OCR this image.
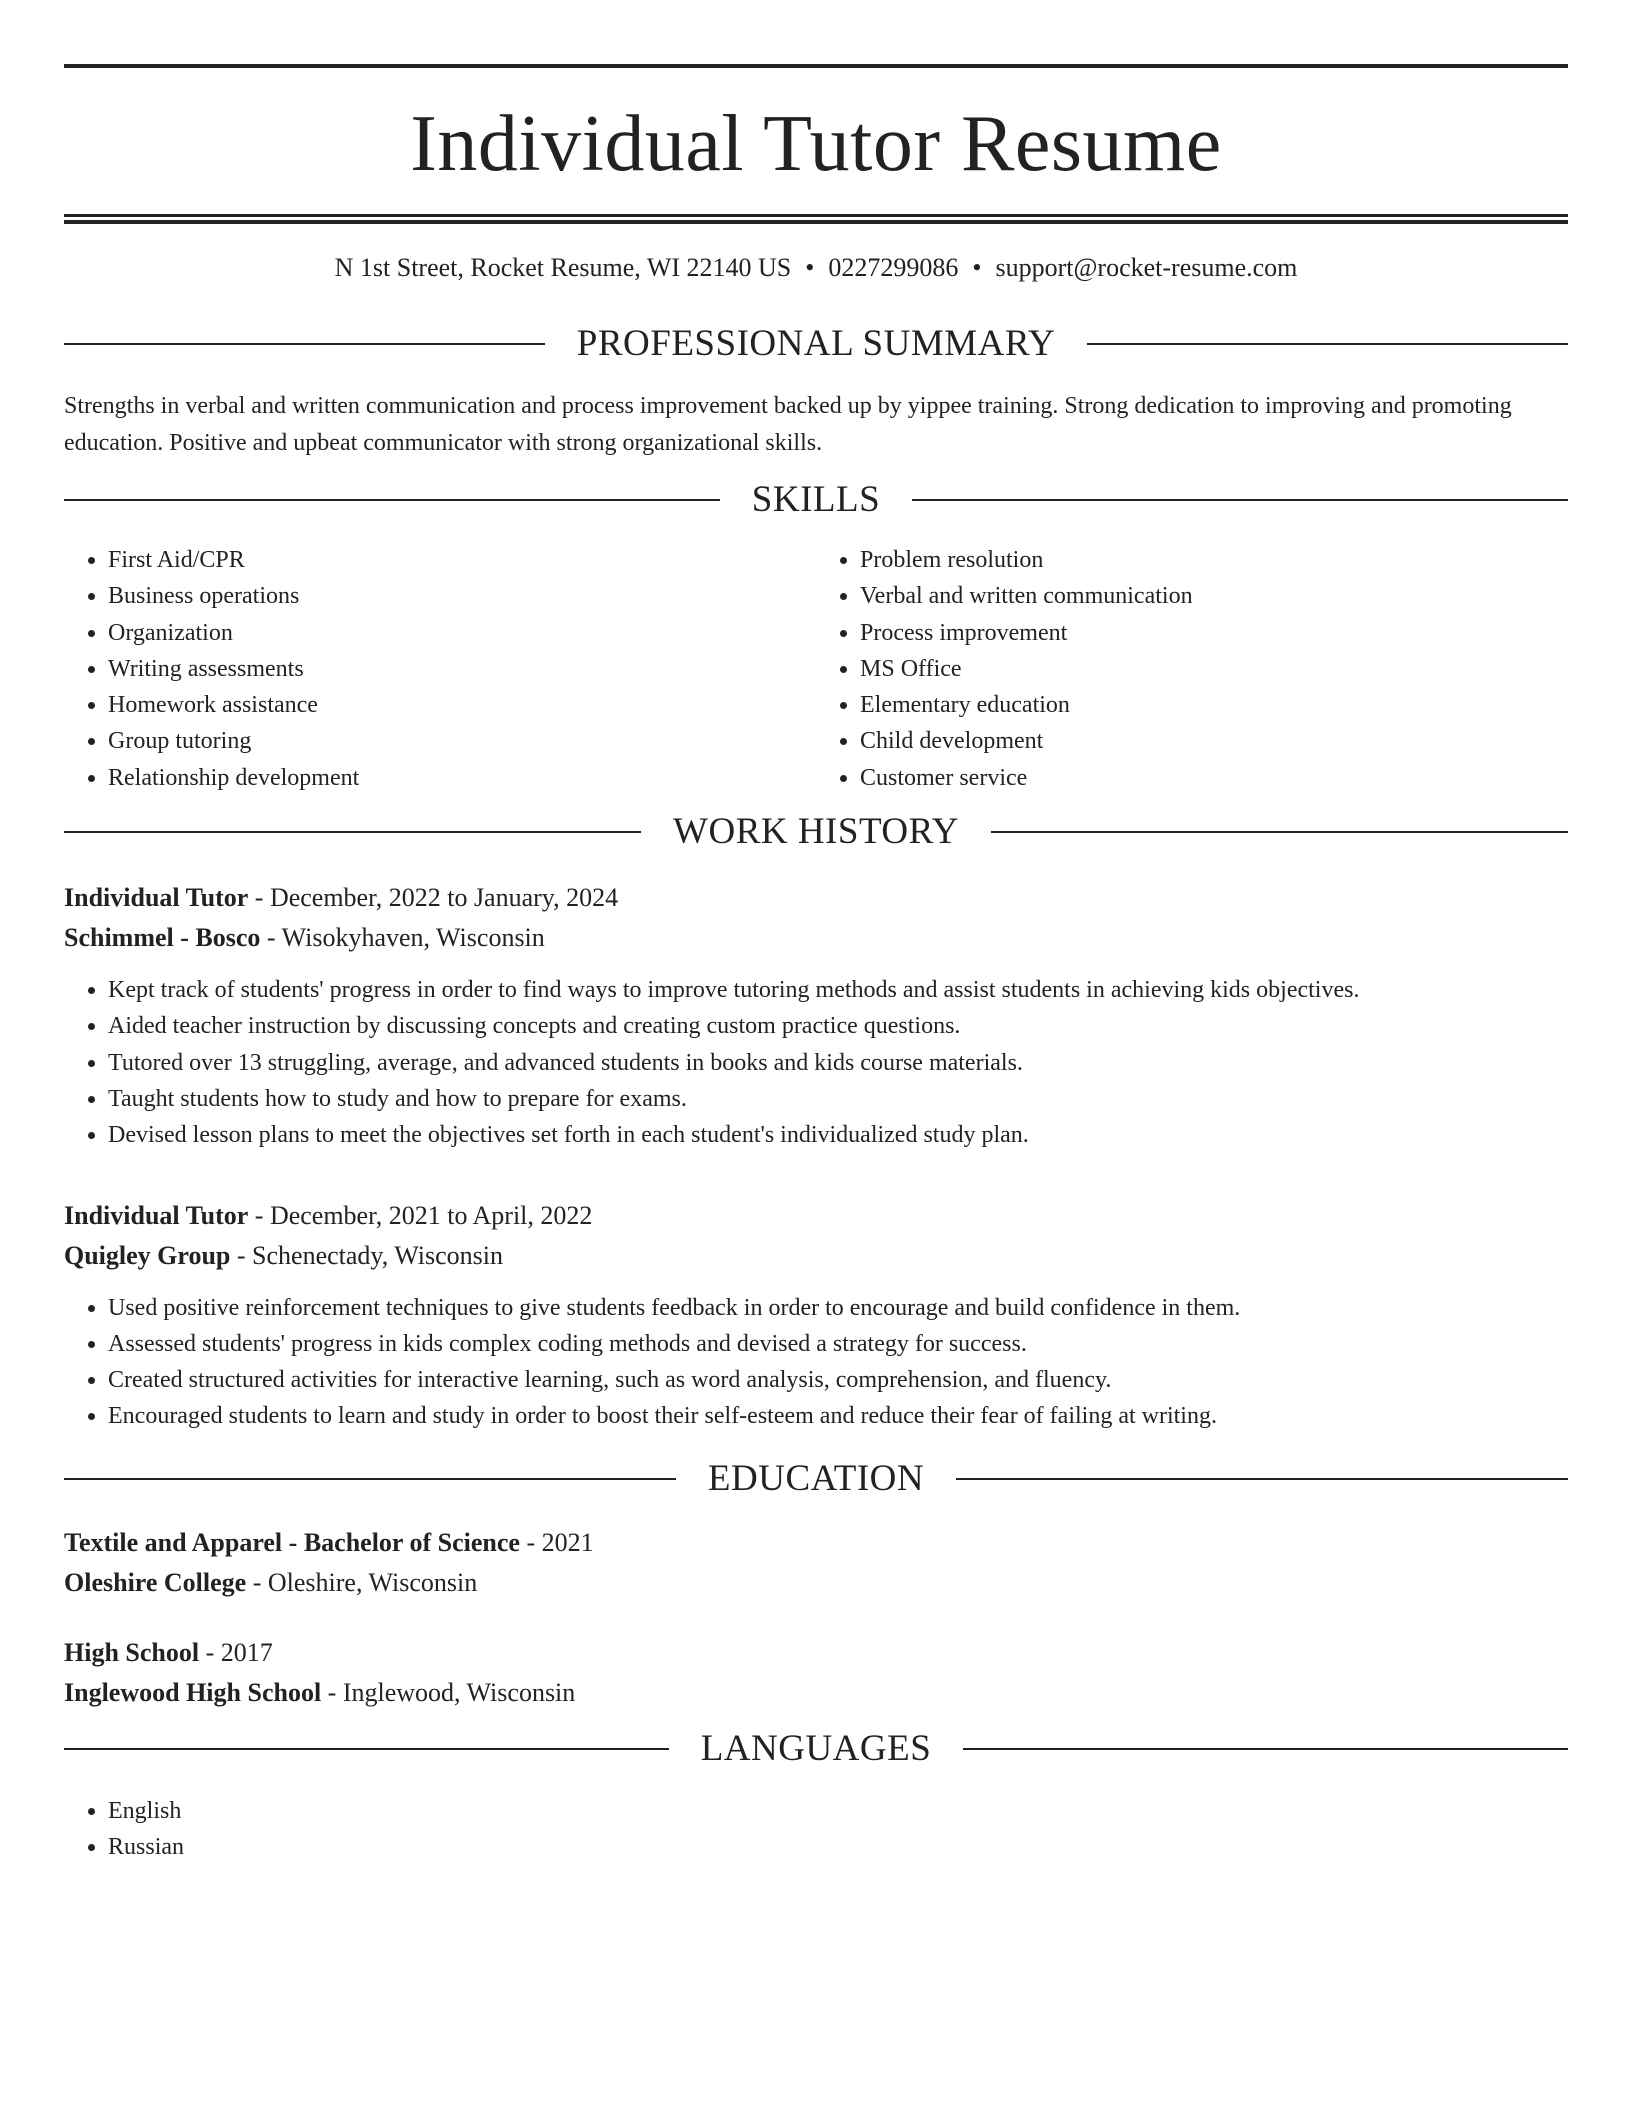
Individual Tutor Resume
N 1st Street, Rocket Resume, WI 22140 US • 0227299086 • support@rocket-resume.com
PROFESSIONAL SUMMARY
Strengths in verbal and written communication and process improvement backed up by yippee training. Strong dedication to improving and promoting education. Positive and upbeat communicator with strong organizational skills.
SKILLS
• First Aid/CPR
• Business operations
• Organization
• Writing assessments
• Homework assistance
• Group tutoring
• Relationship development
• Problem resolution
• Verbal and written communication
• Process improvement
• MS Office
• Elementary education
• Child development
• Customer service
WORK HISTORY
Individual Tutor - December, 2022 to January, 2024
Schimmel - Bosco - Wisokyhaven, Wisconsin
• Kept track of students' progress in order to find ways to improve tutoring methods and assist students in achieving kids objectives.
• Aided teacher instruction by discussing concepts and creating custom practice questions.
• Tutored over 13 struggling, average, and advanced students in books and kids course materials.
• Taught students how to study and how to prepare for exams.
• Devised lesson plans to meet the objectives set forth in each student's individualized study plan.
Individual Tutor - December, 2021 to April, 2022
Quigley Group - Schenectady, Wisconsin
• Used positive reinforcement techniques to give students feedback in order to encourage and build confidence in them.
• Assessed students' progress in kids complex coding methods and devised a strategy for success.
• Created structured activities for interactive learning, such as word analysis, comprehension, and fluency.
• Encouraged students to learn and study in order to boost their self-esteem and reduce their fear of failing at writing.
EDUCATION
Textile and Apparel - Bachelor of Science - 2021
Oleshire College - Oleshire, Wisconsin
High School - 2017
Inglewood High School - Inglewood, Wisconsin
LANGUAGES
• English
• Russian
